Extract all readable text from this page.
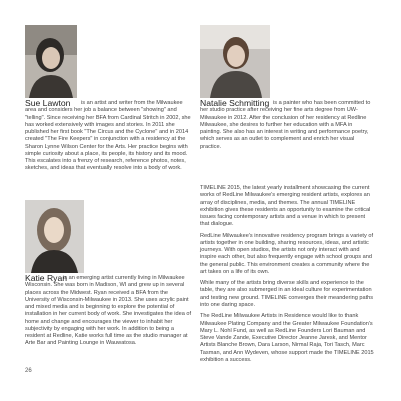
Sue Lawton	Natalie Schmitting
Katie Ryan
is an artist and writer from the Milwaukee area and considers her job a balance between "showing" and "telling". Since receiving her BFA from Cardinal Stritch in 2002, she has worked extensively with images and stories. In 2011 she published her first book "The Circus and the Cyclone" and in 2014 created "The Fire Keepers" in conjunction with a residency at the Sharon Lynne Wilson Center for the Arts. Her practice begins with simple curiosity about a place, its people, its history and its mood. This escalates into a frenzy of research, reference photos, notes, sketches, and ideas that eventually resolve into a body of work.
is a painter who has been committed to her studio practice after receiving her fine arts degree from UW-Milwaukee in 2012. After the conclusion of her residency at Redline Milwaukee, she desires to further her education with a MFA in painting. She also has an interest in writing and performance poetry, which serves as an outlet to complement and enrich her visual practice.
is an emerging artist currently living in Milwaukee Wisconsin. She was born in Madison, WI and grew up in several places across the Midwest. Ryan received a BFA from the University of Wisconsin-Milwaukee in 2013. She uses acrylic paint and mixed media and is beginning to explore the potential of installation in her current body of work. She investigates the idea of home and change and encourages the viewer to inhabit her subjectivity by engaging with her work. In addition to being a resident at Redline, Katie works full time as the studio manager at Arte Bar and Painting Lounge in Wauwatosa.

TIMELINE 2015, the latest yearly installment showcasing the current works of RedLine Milwaukee's emerging resident artists, explores an array of disciplines, media, and themes. The annual TIMELINE exhibition gives these residents an opportunity to examine the critical issues facing contemporary artists and a venue in which to present that dialogue.

RedLine Milwaukee's innovative residency program brings a variety of artists together in one building, sharing resources, ideas, and artistic journeys. With open studios, the artists not only interact with and inspire each other, but also frequently engage with school groups and the general public. This environment creates a community where the art takes on a life of its own.

While many of the artists bring diverse skills and experience to the table, they are also submerged in an ideal culture for experimentation and testing new ground. TIMELINE converges their meandering paths into one daring space.

The RedLine Milwaukee Artists in Residence would like to thank Milwaukee Plating Company and the Greater Milwaukee Foundation's Mary L. Nohl Fund, as well as RedLine Founders Lori Bauman and Steve Vande Zande, Executive Director Jeanne Jaresk, and Mentor Artists Blanche Brown, Dara Larson, Nirmal Raja, Tori Tasch, Marc Tasman, and Ann Wydeven, whose support made the TIMELINE 2015 exhibition a success.

26
